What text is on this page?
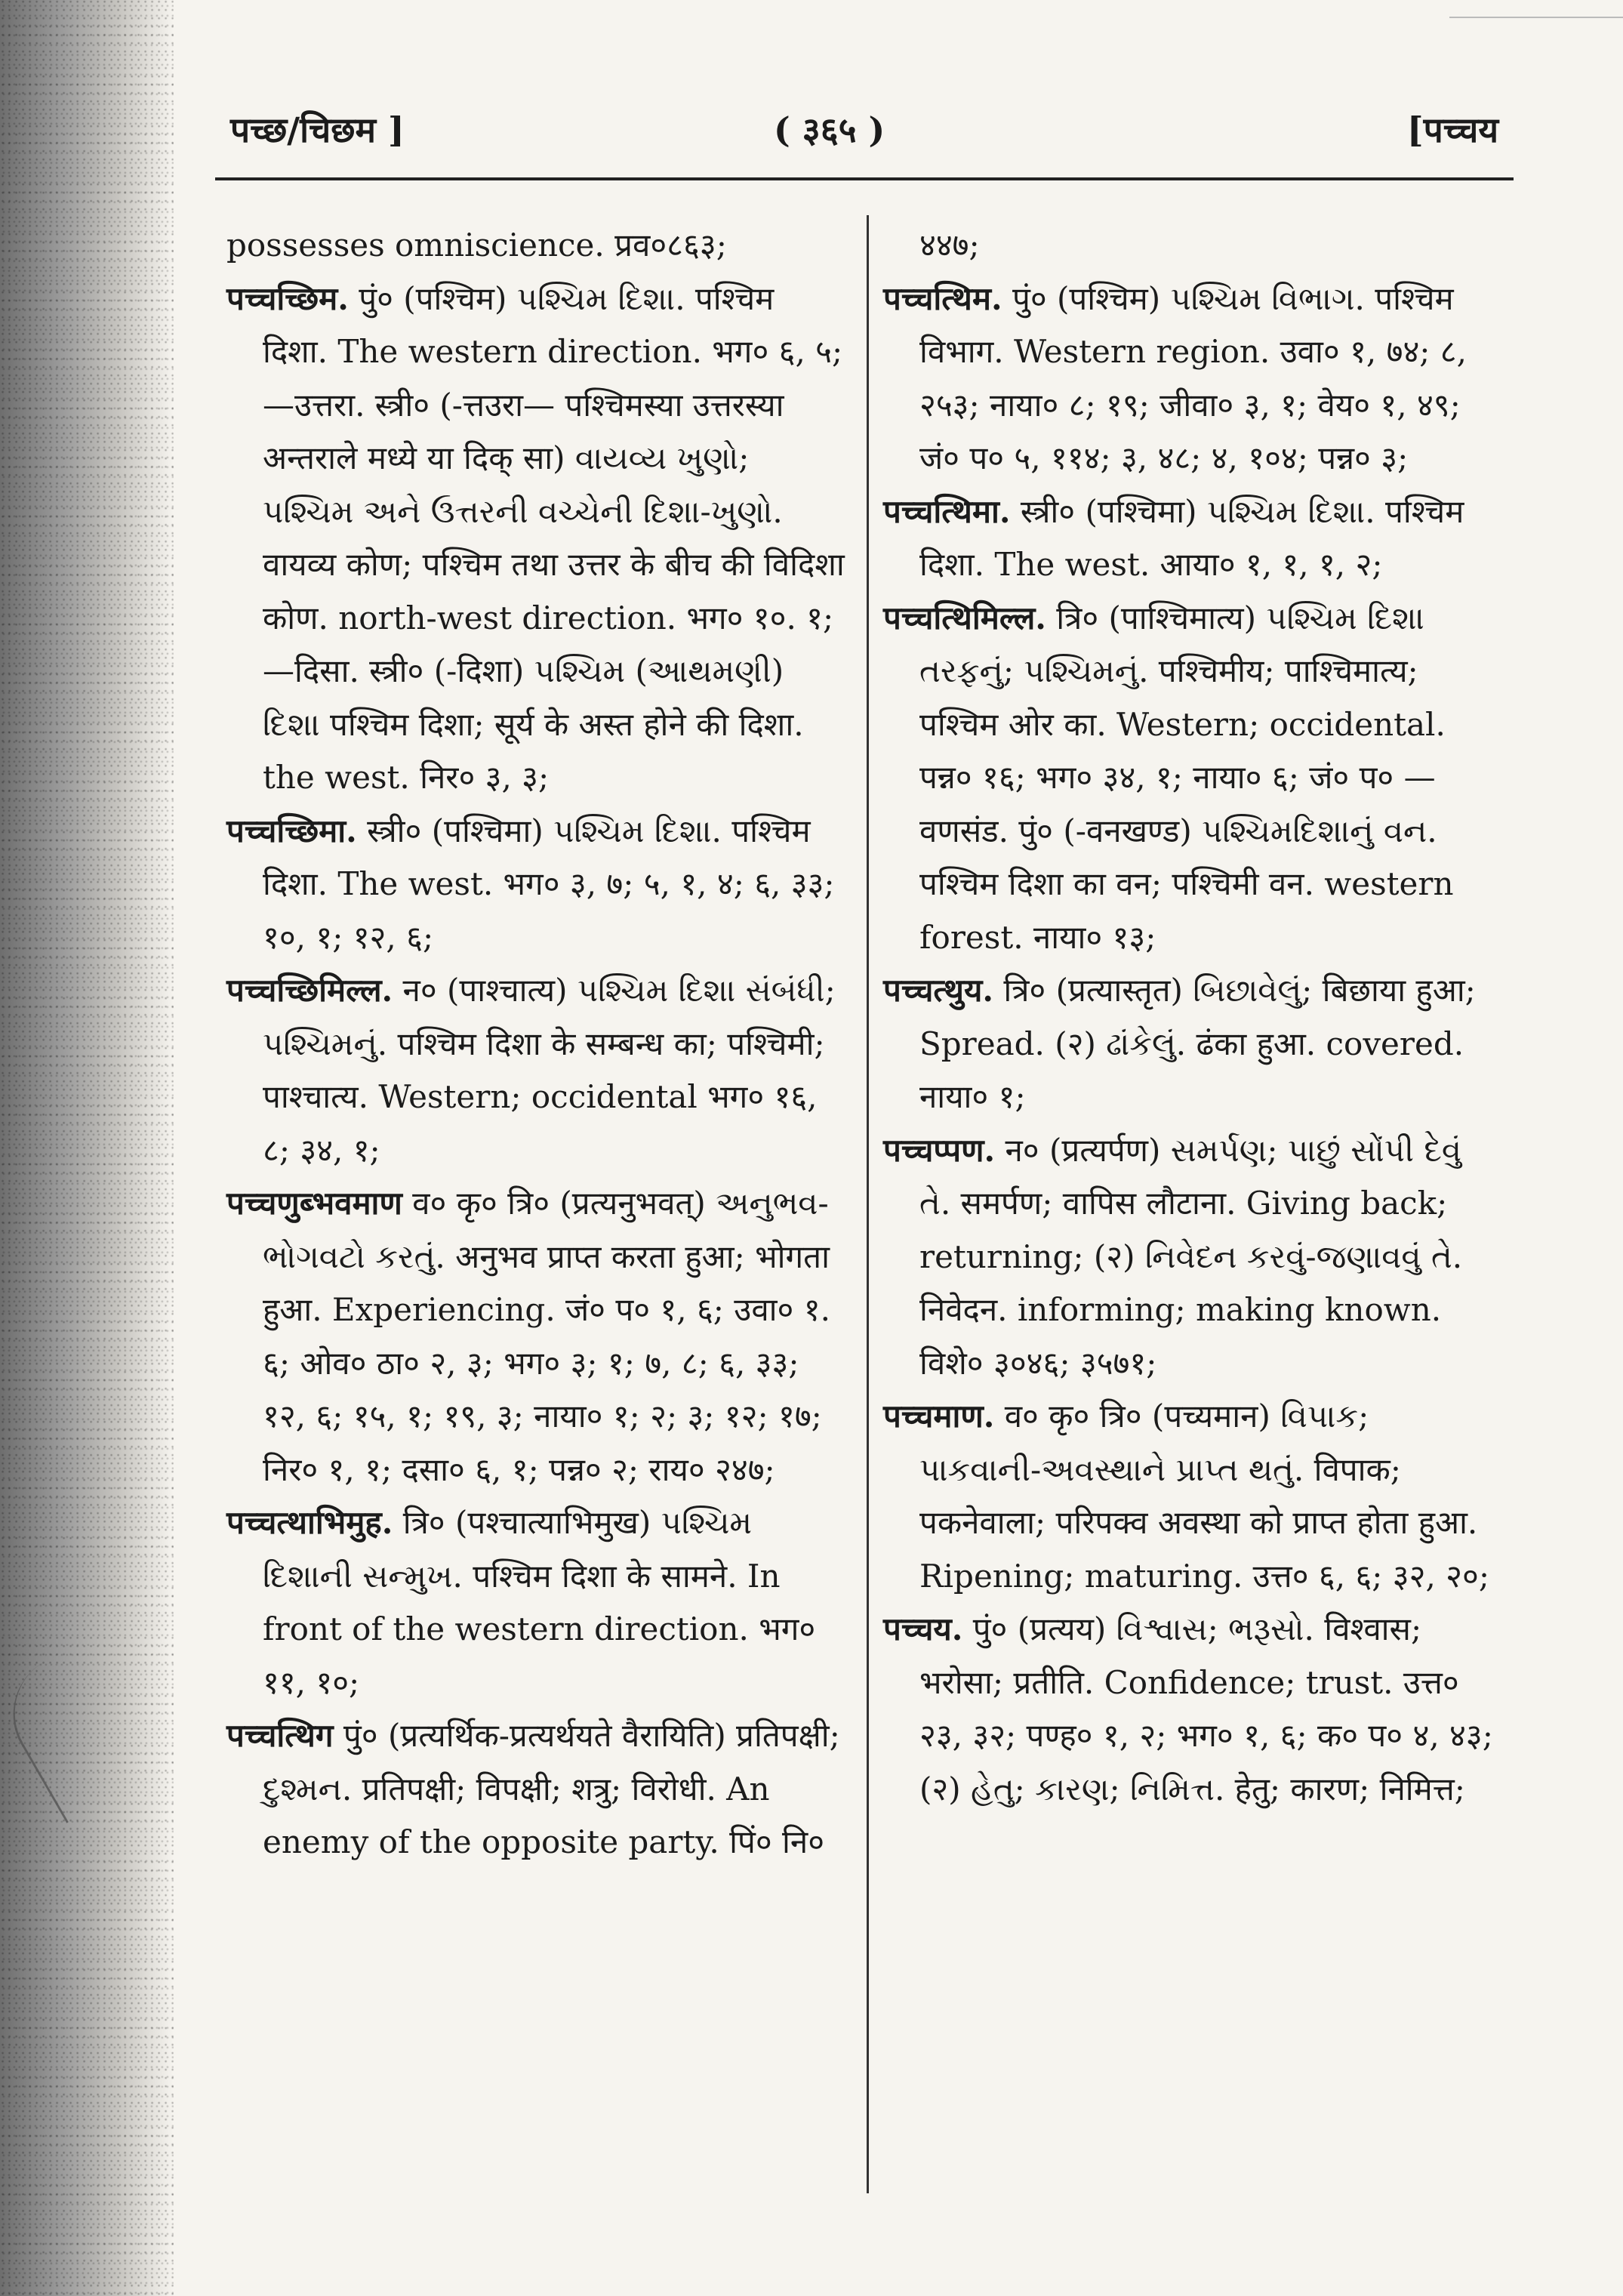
पच्छ/चिछम ]	( ३६५ )	[पच्चय

possesses omniscience. प्रव०८६३;

पच्चच्छिम. पुं० (पश्चिम) પશ્ચિમ દિશા. पश्चिम दिशा. The western direction. भग० ६, ५; —उत्तरा. स्त्री० (-त्तउरा— पश्चिमस्या उत्तरस्या अन्तराले मध्ये या दिक् सा) વાયવ્ય ખુણો; પશ્ચિમ અને ઉત્તરની વચ્ચેની દિશા-ખુણો. वायव्य कोण; पश्चिम तथा उत्तर के बीच की विदिशा कोण. north-west direction. भग० १०. १; —दिसा. स्त्री० (-दिशा) પશ્ચિમ (આથમણી) દિશા पश्चिम दिशा; सूर्य के अस्त होने की दिशा. the west. निर० ३, ३;

पच्चच्छिमा. स्त्री० (पश्चिमा) પશ્ચિમ દિશા. पश्चिम दिशा. The west. भग० ३, ७; ५, १, ४; ६, ३३; १०, १; १२, ६;

पच्चच्छिमिल्ल. न० (पाश्चात्य) પશ્ચિમ દિશા સંબંધી; પશ્ચિમનું. पश्चिम दिशा के सम्बन्ध का; पश्चिमी; पाश्चात्य. Western; occidental भग० १६, ८; ३४, १;

पच्चणुब्भवमाण व० कृ० त्रि० (प्रत्यनुभवत्) અનુભવ-ભોગવટો કરતું. अनुभव प्राप्त करता हुआ; भोगता हुआ. Experiencing. जं० प० १, ६; उवा० १. ६; ओव० ठा० २, ३; भग० ३; १; ७, ८; ६, ३३; १२, ६; १५, १; १९, ३; नाया० १; २; ३; १२; १७; निर० १, १; दसा० ६, १; पन्न० २; राय० २४७;

पच्चत्थाभिमुह. त्रि० (पश्चात्याभिमुख) પશ્ચિમ દિશાની સન્મુખ. पश्चिम दिशा के सामने. In front of the western direction. भग० ११, १०;

पच्चत्थिग पुं० (प्रत्यर्थिक-प्रत्यर्थयते वैरायिति) प्रतिपक्षी; દુશ્મન. प्रतिपक्षी; विपक्षी; शत्रु; विरोधी. An enemy of the opposite party. पिं० नि०

४४७;

पच्चत्थिम. पुं० (पश्चिम) પશ્ચિમ વિભાગ. पश्चिम विभाग. Western region. उवा० १, ७४; ८, २५३; नाया० ८; १९; जीवा० ३, १; वेय० १, ४९; जं० प० ५, ११४; ३, ४८; ४, १०४; पन्न० ३;

पच्चत्थिमा. स्त्री० (पश्चिमा) પશ્ચિમ દિશા. पश्चिम दिशा. The west. आया० १, १, १, २;

पच्चत्थिमिल्ल. त्रि० (पाश्चिमात्य) પશ્ચિમ દિશા તરફનું; પશ્ચિમનું. पश्चिमीय; पाश्चिमात्य; पश्चिम ओर का. Western; occidental. पन्न० १६; भग० ३४, १; नाया० ६; जं० प० —वणसंड. पुं० (-वनखण्ड) પશ્ચિમદિશાનું વન. पश्चिम दिशा का वन; पश्चिमी वन. western forest. नाया० १३;

पच्चत्थुय. त्रि० (प्रत्यास्तृत) બિછાવેલું; बिछाया हुआ; Spread. (२) ઢાંકેલું. ढंका हुआ. covered. नाया० १;

पच्चप्पण. न० (प्रत्यर्पण) સમર્પણ; પાછું સોંપી દેવું તે. समर्पण; वापिस लौटाना. Giving back; returning; (२) નિવેદન કરવું-જણાવવું તે. निवेदन. informing; making known. विशे० ३०४६; ३५७१;

पच्चमाण. व० कृ० त्रि० (पच्यमान) વિપાક; પાકવાની-અવસ્થાને પ્રાપ્ત થતું. विपाक; पकनेवाला; परिपक्व अवस्था को प्राप्त होता हुआ. Ripening; maturing. उत्त० ६, ६; ३२, २०;

पच्चय. पुं० (प्रत्यय) વિશ્વાસ; ભરૂસો. विश्वास; भरोसा; प्रतीति. Confidence; trust. उत्त० २३, ३२; पण्ह० १, २; भग० १, ६; क० प० ४, ४३; (२) હેતુ; કારણ; નિમિત્ત. हेतु; कारण; निमित्त;
